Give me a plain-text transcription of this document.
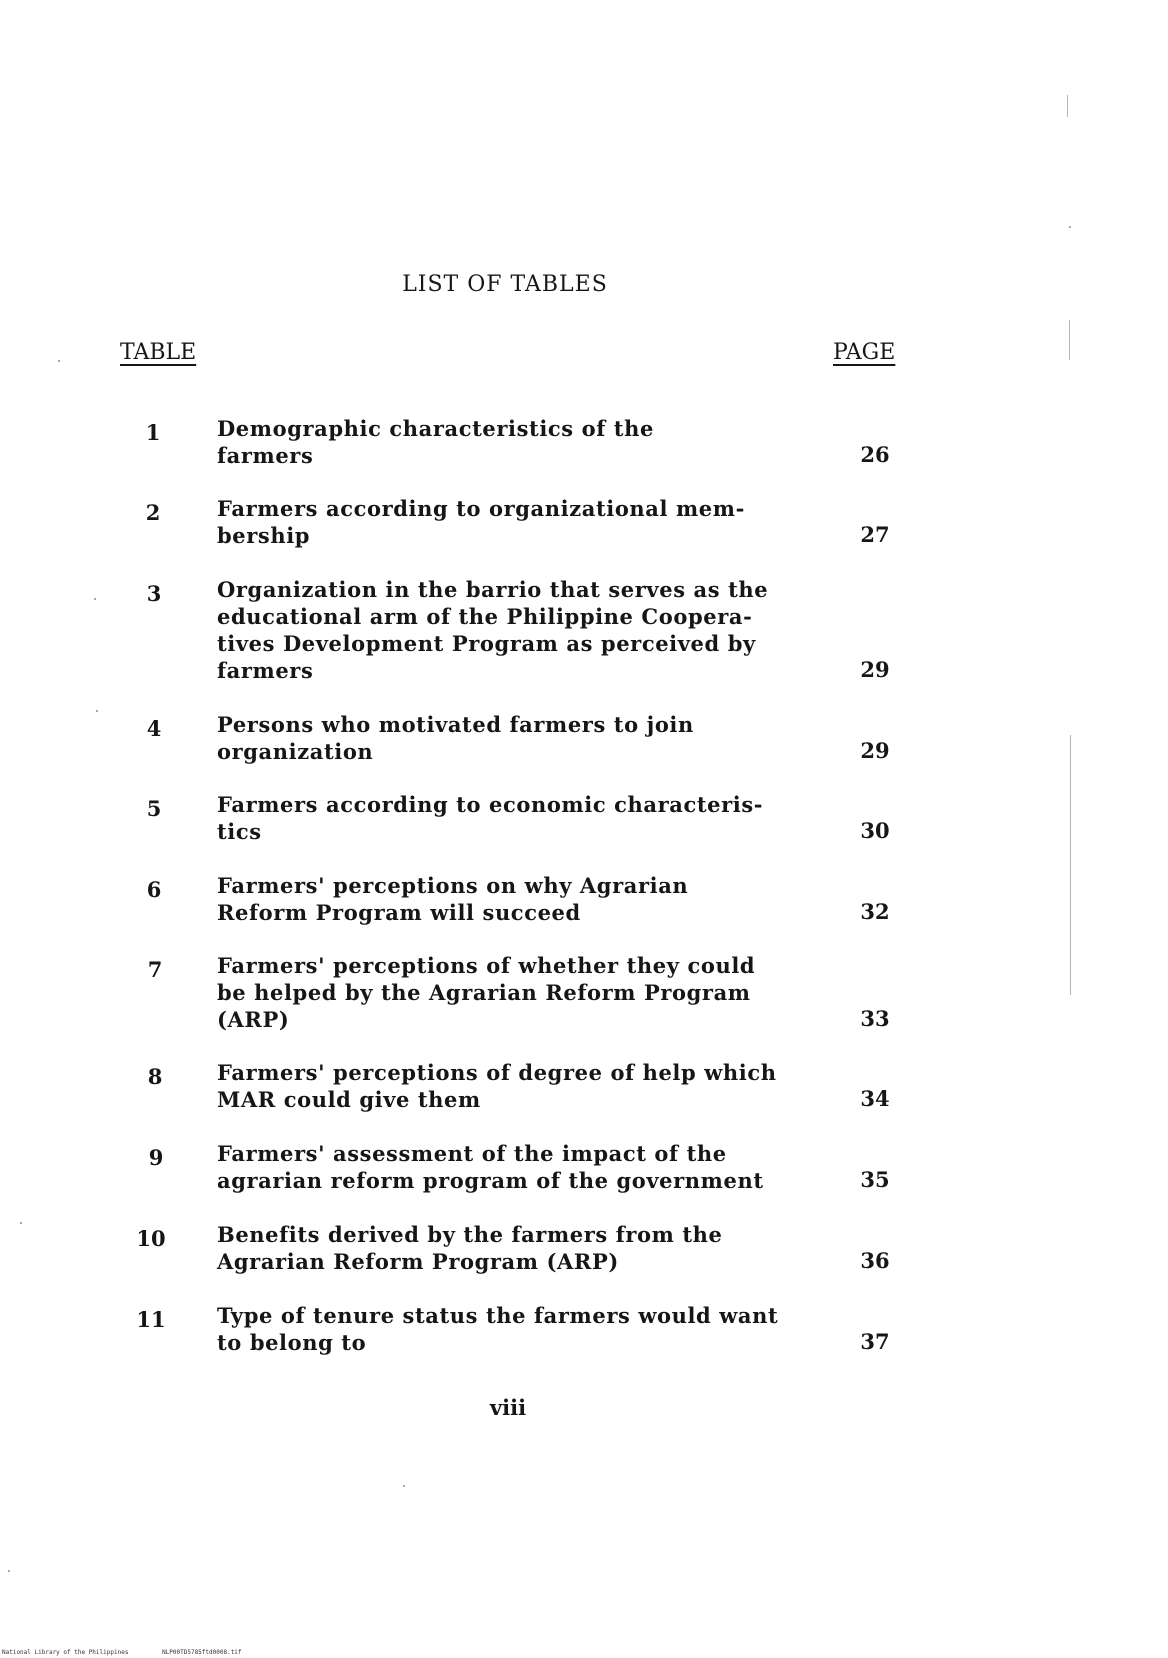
LIST OF TABLES
TABLE	PAGE
1	Demographic characteristics of the
farmers	26
2	Farmers according to organizational mem-
bership	27
3	Organization in the barrio that serves as the
educational arm of the Philippine Coopera-
tives Development Program as perceived by
farmers	29
4	Persons who motivated farmers to join
organization	29
5	Farmers according to economic characteris-
tics	30
6	Farmers' perceptions on why Agrarian
Reform Program will succeed	32
7	Farmers' perceptions of whether they could
be helped by the Agrarian Reform Program
(ARP)	33
8	Farmers' perceptions of degree of help which
MAR could give them	34
9	Farmers' assessment of the impact of the
agrarian reform program of the government	35
10 Benefits derived by the farmers from the
Agrarian Reform Program (ARP)	36
11 Type of tenure status the farmers would want
to belong to	37
viii
National Library of the Philippines	NLP00TD5785ftd0008.tif
